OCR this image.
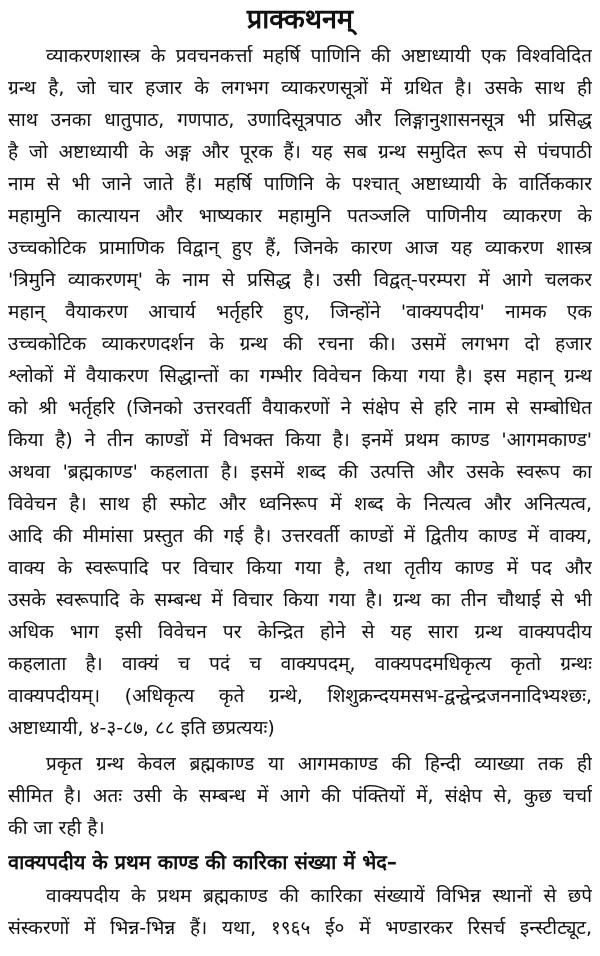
प्राक्कथनम्
व्याकरणशास्त्र के प्रवचनकर्त्ता महर्षि पाणिनि की अष्टाध्यायी एक विश्वविदित
ग्रन्थ है, जो चार हजार के लगभग व्याकरणसूत्रों में ग्रथित है। उसके साथ ही
साथ उनका धातुपाठ, गणपाठ, उणादिसूत्रपाठ और लिङ्गानुशासनसूत्र भी प्रसिद्ध
है जो अष्टाध्यायी के अङ्ग और पूरक हैं। यह सब ग्रन्थ समुदित रूप से पंचपाठी
नाम से भी जाने जाते हैं। महर्षि पाणिनि के पश्चात् अष्टाध्यायी के वार्तिककार
महामुनि कात्यायन और भाष्यकार महामुनि पतञ्जलि पाणिनीय व्याकरण के
उच्चकोटिक प्रामाणिक विद्वान् हुए हैं, जिनके कारण आज यह व्याकरण शास्त्र
'त्रिमुनि व्याकरणम्' के नाम से प्रसिद्ध है। उसी विद्वत्-परम्परा में आगे चलकर
महान् वैयाकरण आचार्य भर्तृहरि हुए, जिन्होंने 'वाक्यपदीय' नामक एक
उच्चकोटिक व्याकरणदर्शन के ग्रन्थ की रचना की। उसमें लगभग दो हजार
श्लोकों में वैयाकरण सिद्धान्तों का गम्भीर विवेचन किया गया है। इस महान् ग्रन्थ
को श्री भर्तृहरि (जिनको उत्तरवर्ती वैयाकरणों ने संक्षेप से हरि नाम से सम्बोधित
किया है) ने तीन काण्डों में विभक्त किया है। इनमें प्रथम काण्ड 'आगमकाण्ड'
अथवा 'ब्रह्मकाण्ड' कहलाता है। इसमें शब्द की उत्पत्ति और उसके स्वरूप का
विवेचन है। साथ ही स्फोट और ध्वनिरूप में शब्द के नित्यत्व और अनित्यत्व,
आदि की मीमांसा प्रस्तुत की गई है। उत्तरवर्ती काण्डों में द्वितीय काण्ड में वाक्य,
वाक्य के स्वरूपादि पर विचार किया गया है, तथा तृतीय काण्ड में पद और
उसके स्वरूपादि के सम्बन्ध में विचार किया गया है। ग्रन्थ का तीन चौथाई से भी
अधिक भाग इसी विवेचन पर केन्द्रित होने से यह सारा ग्रन्थ वाक्यपदीय
कहलाता है। वाक्यं च पदं च वाक्यपदम्, वाक्यपदमधिकृत्य कृतो ग्रन्थः
वाक्यपदीयम्। (अधिकृत्य कृते ग्रन्थे, शिशुक्रन्दयमसभ-द्वन्द्वेन्द्रजननादिभ्यश्छः,
अष्टाध्यायी, ४-३-८७, ८८ इति छप्रत्ययः)
प्रकृत ग्रन्थ केवल ब्रह्मकाण्ड या आगमकाण्ड की हिन्दी व्याख्या तक ही
सीमित है। अतः उसी के सम्बन्ध में आगे की पंक्तियों में, संक्षेप से, कुछ चर्चा
की जा रही है।
वाक्यपदीय के प्रथम काण्ड की कारिका संख्या में भेद–
वाक्यपदीय के प्रथम ब्रह्मकाण्ड की कारिका संख्यायें विभिन्न स्थानों से छपे
संस्करणों में भिन्न-भिन्न हैं। यथा, १९६५ ई० में भण्डारकर रिसर्च इन्स्टीट्यूट,
